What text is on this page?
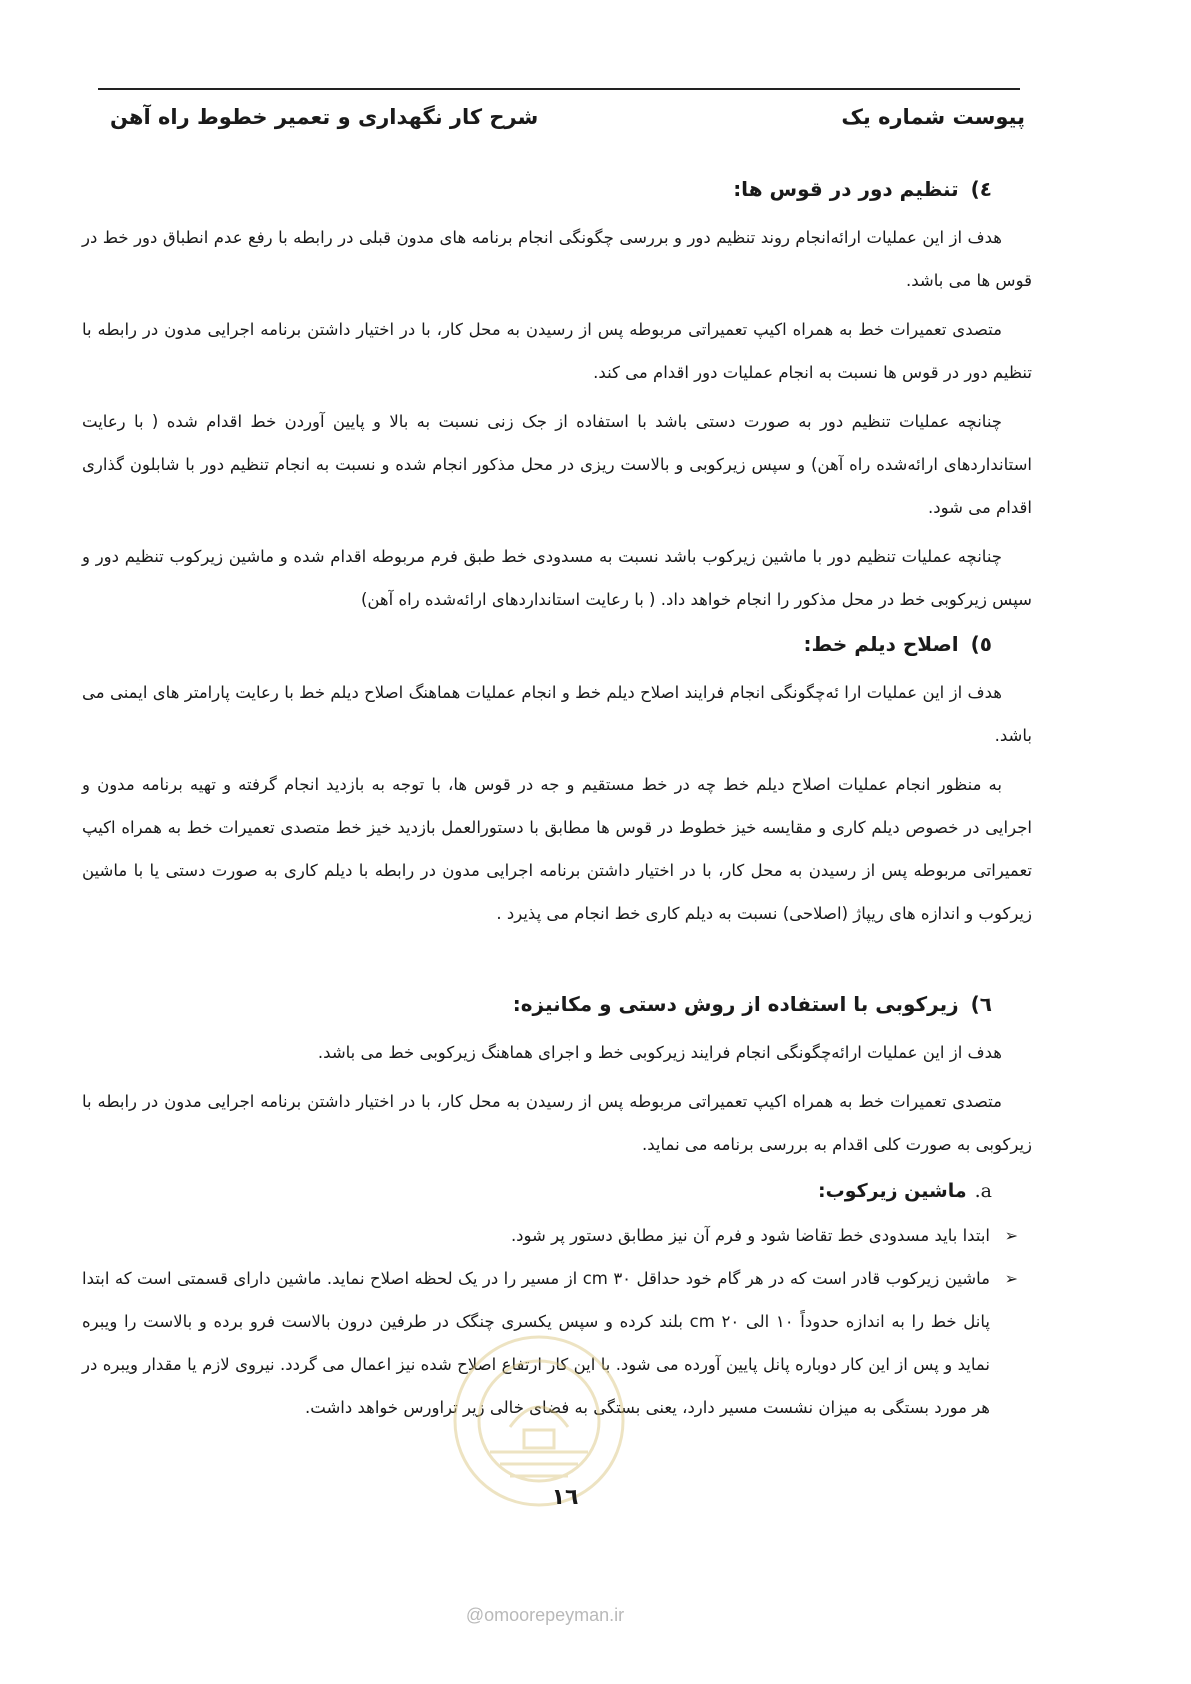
پیوست شماره یک
شرح کار نگهداری و تعمیر خطوط راه آهن
٤)تنظیم دور در قوس ها:

هدف از این عملیات اراﺋﻪانجام روند تنظیم دور و بررسی چگونگی انجام برنامه های مدون قبلی در رابطه با رفع عدم انطباق دور خط در قوس ها می باشد.

متصدی تعمیرات خط به همراه اکیپ تعمیراتی مربوطه پس از رسیدن به محل کار، با در اختیار داشتن برنامه اجرایی مدون در رابطه با تنظیم دور در قوس ها نسبت به انجام عملیات دور اقدام می کند.

چنانچه عملیات تنظیم دور به صورت دستی باشد با استفاده از جک زنی نسبت به بالا و پایین آوردن خط اقدام شده ( با رعایت استانداردهای اراﺋﻪشده راه آهن) و سپس زیرکوبی و بالاست ریزی در محل مذکور انجام شده و نسبت به انجام تنظیم دور با شابلون گذاری اقدام می شود.

چنانچه عملیات تنظیم دور با ماشین زیرکوب باشد نسبت به مسدودی خط طبق فرم مربوطه اقدام شده و ماشین زیرکوب تنظیم دور و سپس زیرکوبی خط در محل مذکور را انجام خواهد داد. ( با رعایت استانداردهای اراﺋﻪشده راه آهن)

٥)اصلاح دیلم خط:

هدف از این عملیات ارا ﺋﻪچگونگی انجام فرایند اصلاح دیلم خط و انجام عملیات هماهنگ اصلاح دیلم خط با رعایت پارامتر های ایمنی می باشد.

به منظور انجام عملیات اصلاح دیلم خط چه در خط مستقیم و جه در قوس ها، با توجه به بازدید انجام گرفته و تهیه برنامه مدون و اجرایی در خصوص دیلم کاری و مقایسه خیز خطوط در قوس ها مطابق با دستورالعمل بازدید خیز خط متصدی تعمیرات خط به همراه اکیپ تعمیراتی مربوطه پس از رسیدن به محل کار، با در اختیار داشتن برنامه اجرایی مدون در رابطه با دیلم کاری به صورت دستی یا با ماشین زیرکوب و اندازه های ریپاژ (اصلاحی) نسبت به دیلم کاری خط انجام می پذیرد .

٦)زیرکوبی با استفاده از روش دستی و مکانیزه:

هدف از این عملیات اراﺋﻪچگونگی انجام فرایند زیرکوبی خط و اجرای هماهنگ زیرکوبی خط می باشد.

متصدی تعمیرات خط به همراه اکیپ تعمیراتی مربوطه پس از رسیدن به محل کار، با در اختیار داشتن برنامه اجرایی مدون در رابطه با زیرکوبی به صورت کلی اقدام به بررسی برنامه می نماید.

a.ماشین زیرکوب:
➢
ابتدا باید مسدودی خط تقاضا شود و فرم آن نیز مطابق دستور پر شود.
➢
ماشین زیرکوب قادر است که در هر گام خود حداقل ٣٠ cm از مسیر را در یک لحظه اصلاح نماید. ماشین دارای قسمتی است که ابتدا پانل خط را به اندازه حدوداً ١٠ الی ٢٠ cm بلند کرده و سپس یکسری چنگک در طرفین درون بالاست فرو برده و بالاست را ویبره نماید و پس از این کار دوباره پانل پایین آورده می شود. با این کار ارتفاع اصلاح شده نیز اعمال می گردد. نیروی لازم یا مقدار ویبره در هر مورد بستگی به میزان نشست مسیر دارد، یعنی بستگی به فضای خالی زیر تراورس خواهد داشت.
١٦
@omoorepeyman.ir
